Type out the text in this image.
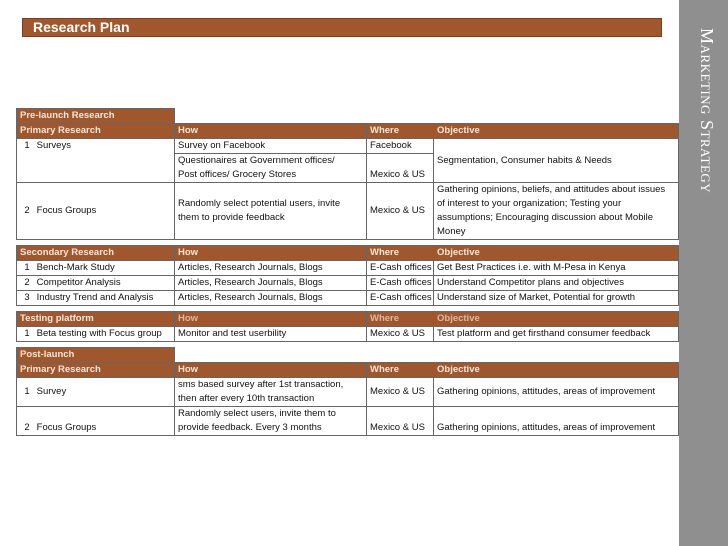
Research Plan
Marketing Strategy
Pre-launch Research			
Primary Research	How	Where	Objective
1 Surveys	Survey on Facebook	Facebook	Segmentation, Consumer habits & Needs
	Questionaires at Government offices/	Mexico & US	
	Post offices/ Grocery Stores		
2 Focus Groups	Randomly select potential users, invite them to provide feedback	Mexico & US	Gathering opinions, beliefs, and attitudes about issues of interest to your organization; Testing your assumptions; Encouraging discussion about Mobile Money
Secondary Research	How	Where	Objective
1 Bench-Mark Study	Articles, Research Journals, Blogs	E-Cash offices	Get Best Practices i.e. with M-Pesa in Kenya
2 Competitor Analysis	Articles, Research Journals, Blogs	E-Cash offices	Understand Competitor plans and objectives
3 Industry Trend and Analysis	Articles, Research Journals, Blogs	E-Cash offices	Understand size of Market, Potential for growth
Testing platform	How	Where	Objective
1 Beta testing with Focus group	Monitor and test userbility	Mexico & US	Test platform and get firsthand consumer feedback
Post-launch			
Primary Research	How	Where	Objective
1 Survey	sms based survey after 1st transaction, then after every 10th transaction	Mexico & US	Gathering opinions, attitudes, areas of improvement
2 Focus Groups	Randomly select users, invite them to	Mexico & US	Gathering opinions, attitudes, areas of improvement
	provide feedback. Every 3 months		
